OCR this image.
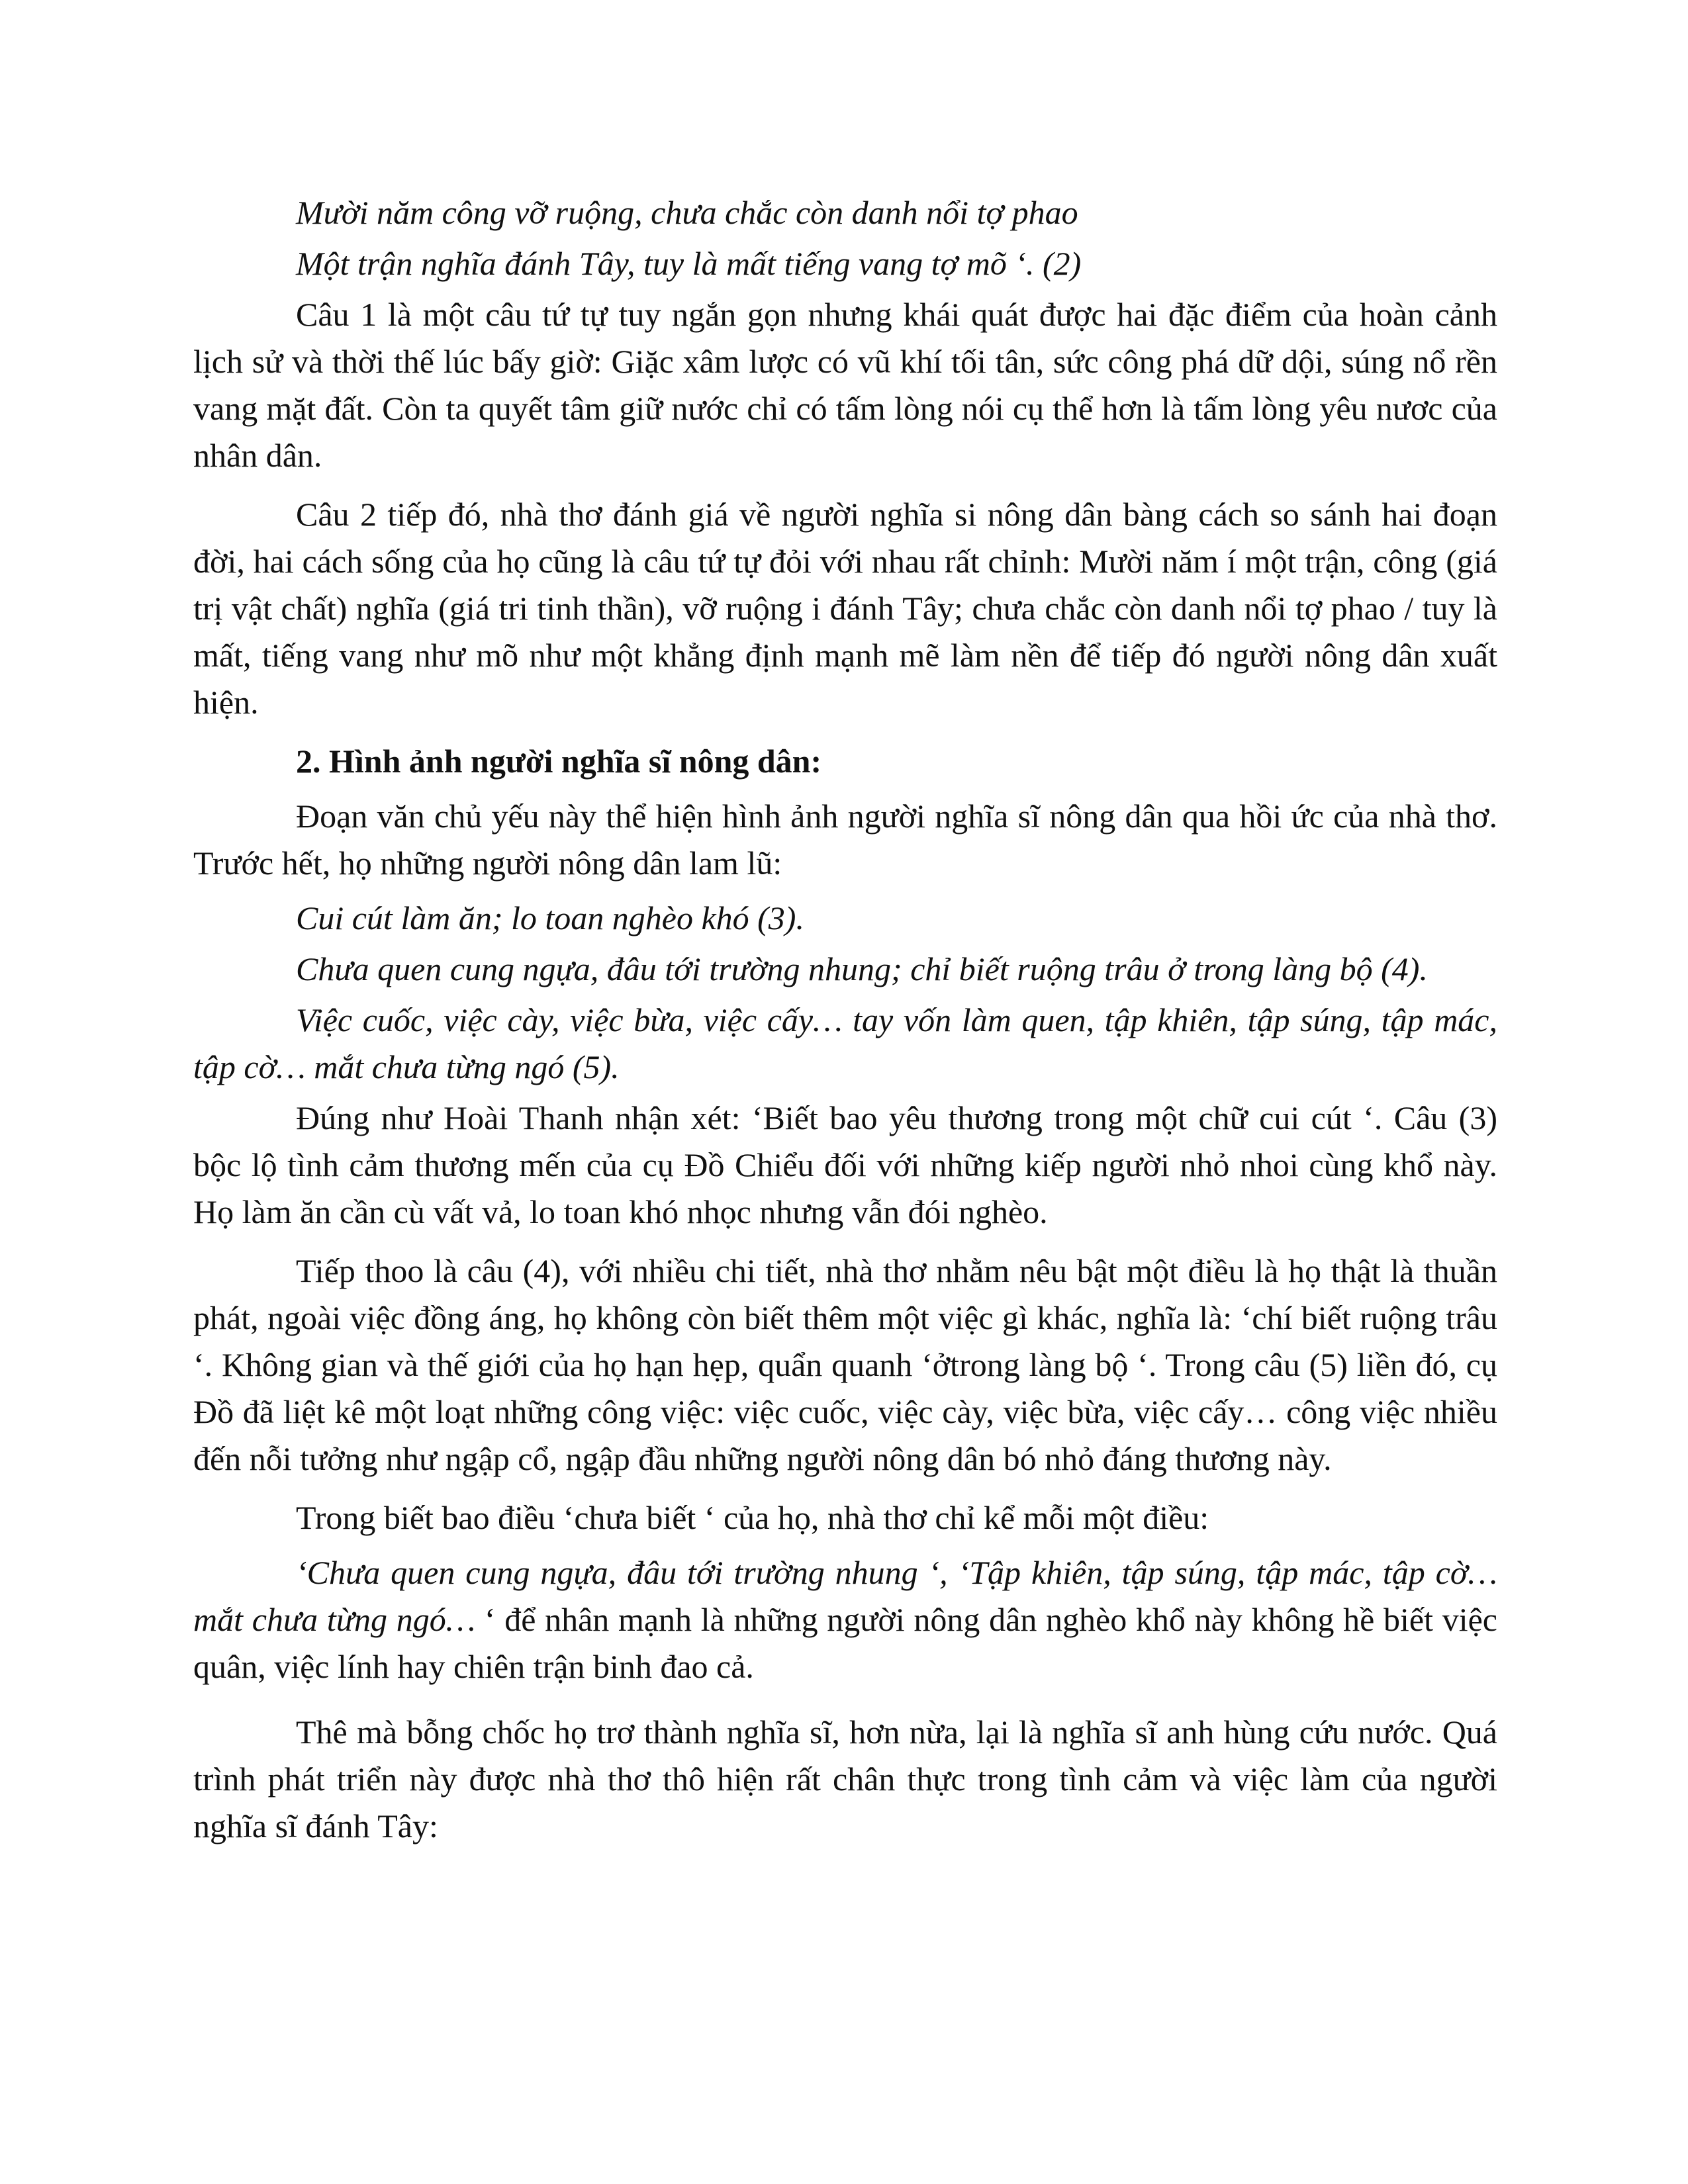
Mười năm công vỡ ruộng, chưa chắc còn danh nổi tợ phao

Một trận nghĩa đánh Tây, tuy là mất tiếng vang tợ mõ ‘. (2)

Câu 1 là một câu tứ tự tuy ngắn gọn nhưng khái quát được hai đặc điểm của hoàn cảnh lịch sử và thời thế lúc bấy giờ: Giặc xâm lược có vũ khí tối tân, sức công phá dữ dội, súng nổ rền vang mặt đất. Còn ta quyết tâm giữ nước chỉ có tấm lòng nói cụ thể hơn là tấm lòng yêu nươc của nhân dân.

Câu 2 tiếp đó, nhà thơ đánh giá về người nghĩa si nông dân bàng cách so sánh hai đoạn đời, hai cách sống của họ cũng là câu tứ tự đỏi với nhau rất chỉnh: Mười năm í một trận, công (giá trị vật chất) nghĩa (giá tri tinh thần), vỡ ruộng i đánh Tây; chưa chắc còn danh nổi tợ phao / tuy là mất, tiếng vang như mõ như một khẳng định mạnh mẽ làm nền để tiếp đó người nông dân xuất hiện.

2. Hình ảnh người nghĩa sĩ nông dân:

Đoạn văn chủ yếu này thể hiện hình ảnh người nghĩa sĩ nông dân qua hồi ức của nhà thơ. Trước hết, họ những người nông dân lam lũ:

Cui cút làm ăn; lo toan nghèo khó (3).

Chưa quen cung ngựa, đâu tới trường nhung; chỉ biết ruộng trâu ở trong làng bộ (4).

Việc cuốc, việc cày, việc bừa, việc cấy… tay vốn làm quen, tập khiên, tập súng, tập mác, tập cờ… mắt chưa từng ngó (5).

Đúng như Hoài Thanh nhận xét: ‘Biết bao yêu thương trong một chữ cui cút ‘. Câu (3) bộc lộ tình cảm thương mến của cụ Đồ Chiểu đối với những kiếp người nhỏ nhoi cùng khổ này. Họ làm ăn cần cù vất vả, lo toan khó nhọc nhưng vẫn đói nghèo.

Tiếp thoo là câu (4), với nhiều chi tiết, nhà thơ nhằm nêu bật một điều là họ thật là thuần phát, ngoài việc đồng áng, họ không còn biết thêm một việc gì khác, nghĩa là: ‘chí biết ruộng trâu ‘. Không gian và thế giới của họ hạn hẹp, quẩn quanh ‘ởtrong làng bộ ‘. Trong câu (5) liền đó, cụ Đồ đã liệt kê một loạt những công việc: việc cuốc, việc cày, việc bừa, việc cấy… công việc nhiều đến nỗi tưởng như ngập cổ, ngập đầu những người nông dân bó nhỏ đáng thương này.

Trong biết bao điều ‘chưa biết ‘ của họ, nhà thơ chỉ kể mỗi một điều:

‘Chưa quen cung ngựa, đâu tới trường nhung ‘, ‘Tập khiên, tập súng, tập mác, tập cờ… mắt chưa từng ngó… ‘ để nhân mạnh là những người nông dân nghèo khổ này không hề biết việc quân, việc lính hay chiên trận binh đao cả.

Thê mà bỗng chốc họ trơ thành nghĩa sĩ, hơn nừa, lại là nghĩa sĩ anh hùng cứu nước. Quá trình phát triển này được nhà thơ thô hiện rất chân thực trong tình cảm và việc làm của người nghĩa sĩ đánh Tây:
